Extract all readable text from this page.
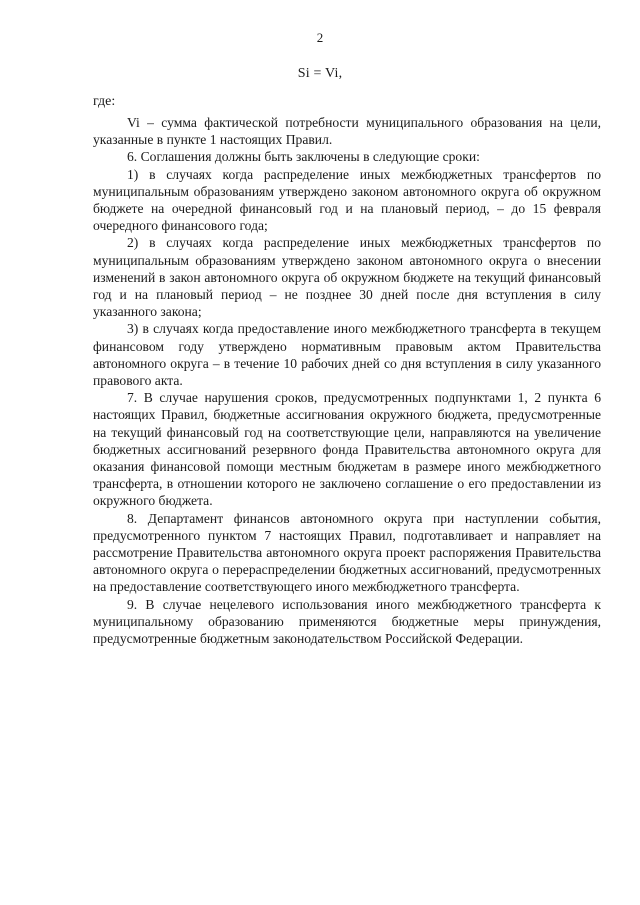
2
Si = Vi,
где:

Vi – сумма фактической потребности муниципального образования на цели, указанные в пункте 1 настоящих Правил.

6. Соглашения должны быть заключены в следующие сроки:

1) в случаях когда распределение иных межбюджетных трансфертов по муниципальным образованиям утверждено законом автономного округа об окружном бюджете на очередной финансовый год и на плановый период, – до 15 февраля очередного финансового года;

2) в случаях когда распределение иных межбюджетных трансфертов по муниципальным образованиям утверждено законом автономного округа о внесении изменений в закон автономного округа об окружном бюджете на текущий финансовый год и на плановый период – не позднее 30 дней после дня вступления в силу указанного закона;

3) в случаях когда предоставление иного межбюджетного трансферта в текущем финансовом году утверждено нормативным правовым актом Правительства автономного округа – в течение 10 рабочих дней со дня вступления в силу указанного правового акта.

7. В случае нарушения сроков, предусмотренных подпунктами 1, 2 пункта 6 настоящих Правил, бюджетные ассигнования окружного бюджета, предусмотренные на текущий финансовый год на соответствующие цели, направляются на увеличение бюджетных ассигнований резервного фонда Правительства автономного округа для оказания финансовой помощи местным бюджетам в размере иного межбюджетного трансферта, в отношении которого не заключено соглашение о его предоставлении из окружного бюджета.

8. Департамент финансов автономного округа при наступлении события, предусмотренного пунктом 7 настоящих Правил, подготавливает и направляет на рассмотрение Правительства автономного округа проект распоряжения Правительства автономного округа о перераспределении бюджетных ассигнований, предусмотренных на предоставление соответствующего иного межбюджетного трансферта.

9. В случае нецелевого использования иного межбюджетного трансферта к муниципальному образованию применяются бюджетные меры принуждения, предусмотренные бюджетным законодательством Российской Федерации.
